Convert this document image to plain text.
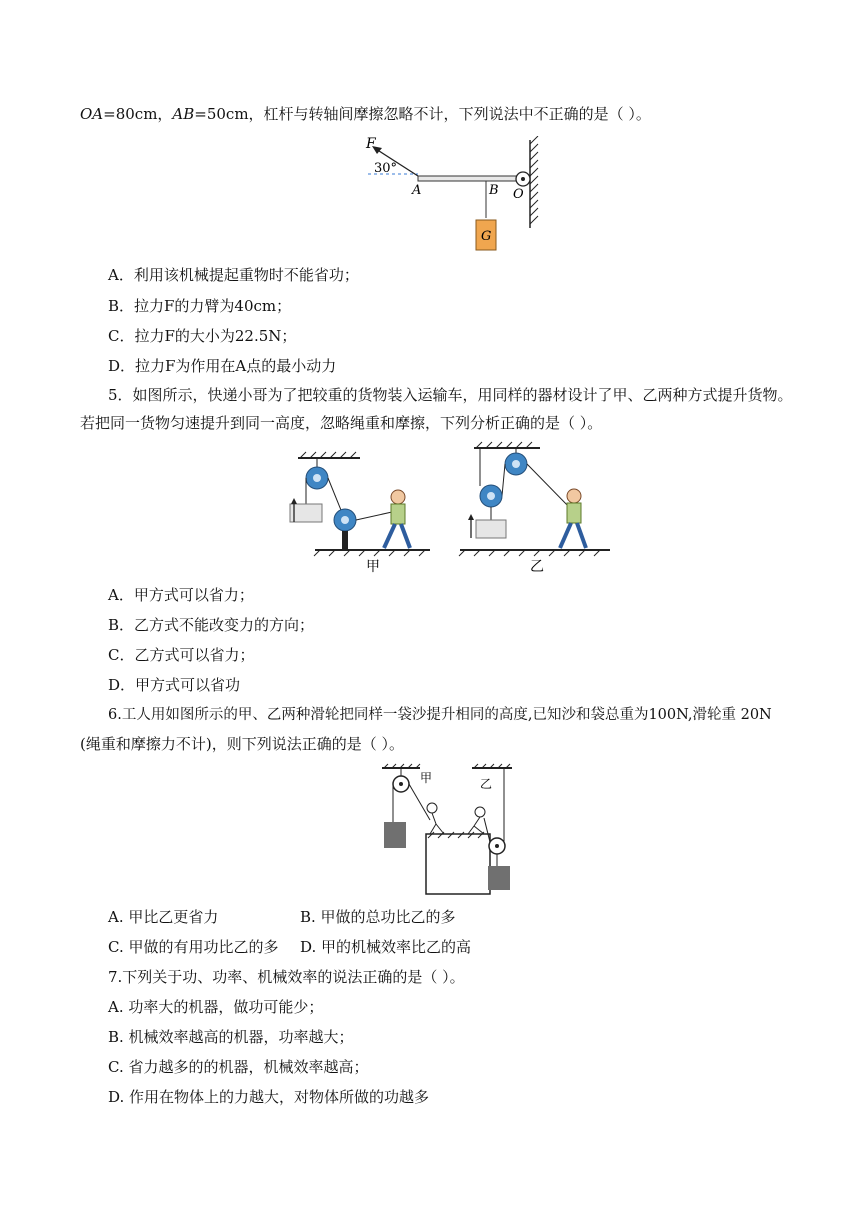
OA=80cm，AB=50cm，杠杆与转轴间摩擦忽略不计，下列说法中不正确的是（ ）。
F
30°
A	B O
G
A．利用该机械提起重物时不能省功；
B．拉力F的力臂为40cm；
C．拉力F的大小为22.5N；
D．拉力F为作用在A点的最小动力
5．如图所示，快递小哥为了把较重的货物装入运输车，用同样的器材设计了甲、乙两种方式提升货物。
若把同一货物匀速提升到同一高度，忽略绳重和摩擦，下列分析正确的是（ ）。
甲	乙
A．甲方式可以省力；
B．乙方式不能改变力的方向；
C．乙方式可以省力；
D．甲方式可以省功
6.工人用如图所示的甲、乙两种滑轮把同样一袋沙提升相同的高度,已知沙和袋总重为100N,滑轮重 20N
(绳重和摩擦力不计)，则下列说法正确的是（ ）。
甲	乙
A. 甲比乙更省力	B. 甲做的总功比乙的多
C. 甲做的有用功比乙的多 D. 甲的机械效率比乙的高
7.下列关于功、功率、机械效率的说法正确的是（ ）。
A. 功率大的机器，做功可能少；
B. 机械效率越高的机器，功率越大；
C. 省力越多的的机器，机械效率越高；
D. 作用在物体上的力越大，对物体所做的功越多
